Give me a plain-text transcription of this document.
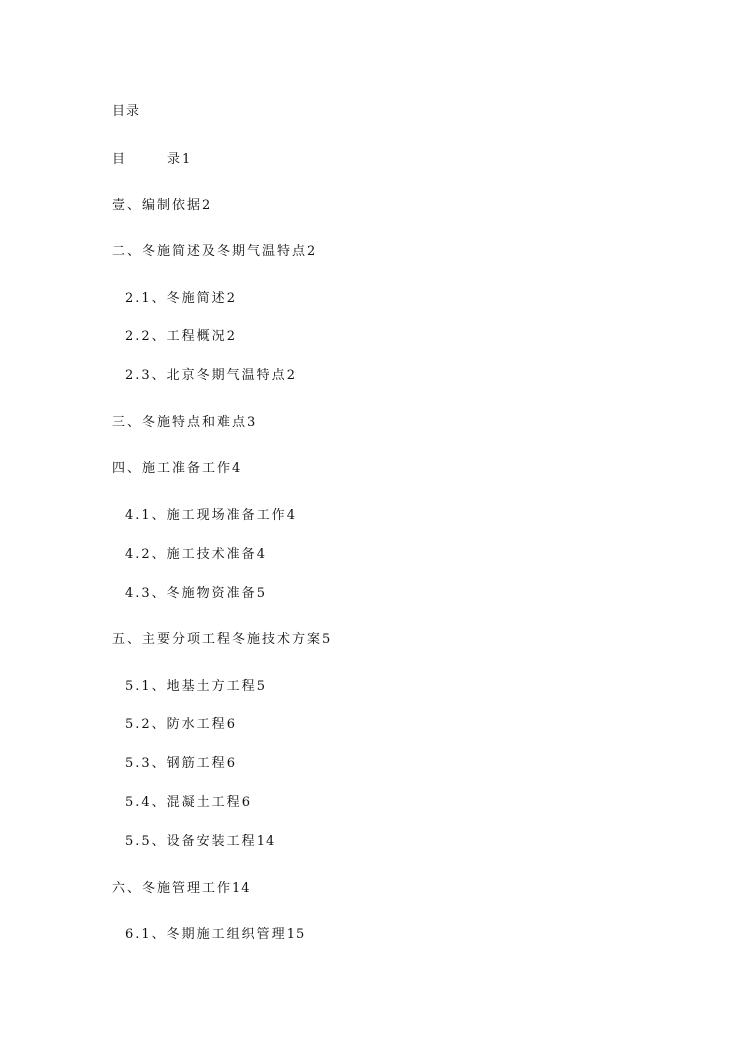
目录
目	录1
壹、编制依据2
二、冬施简述及冬期气温特点2
2.1、冬施简述2
2.2、工程概况2
2.3、北京冬期气温特点2
三、冬施特点和难点3
四、施工准备工作4
4.1、施工现场准备工作4
4.2、施工技术准备4
4.3、冬施物资准备5
五、主要分项工程冬施技术方案5
5.1、地基土方工程5
5.2、防水工程6
5.3、钢筋工程6
5.4、混凝土工程6
5.5、设备安装工程14
六、冬施管理工作14
6.1、冬期施工组织管理15
